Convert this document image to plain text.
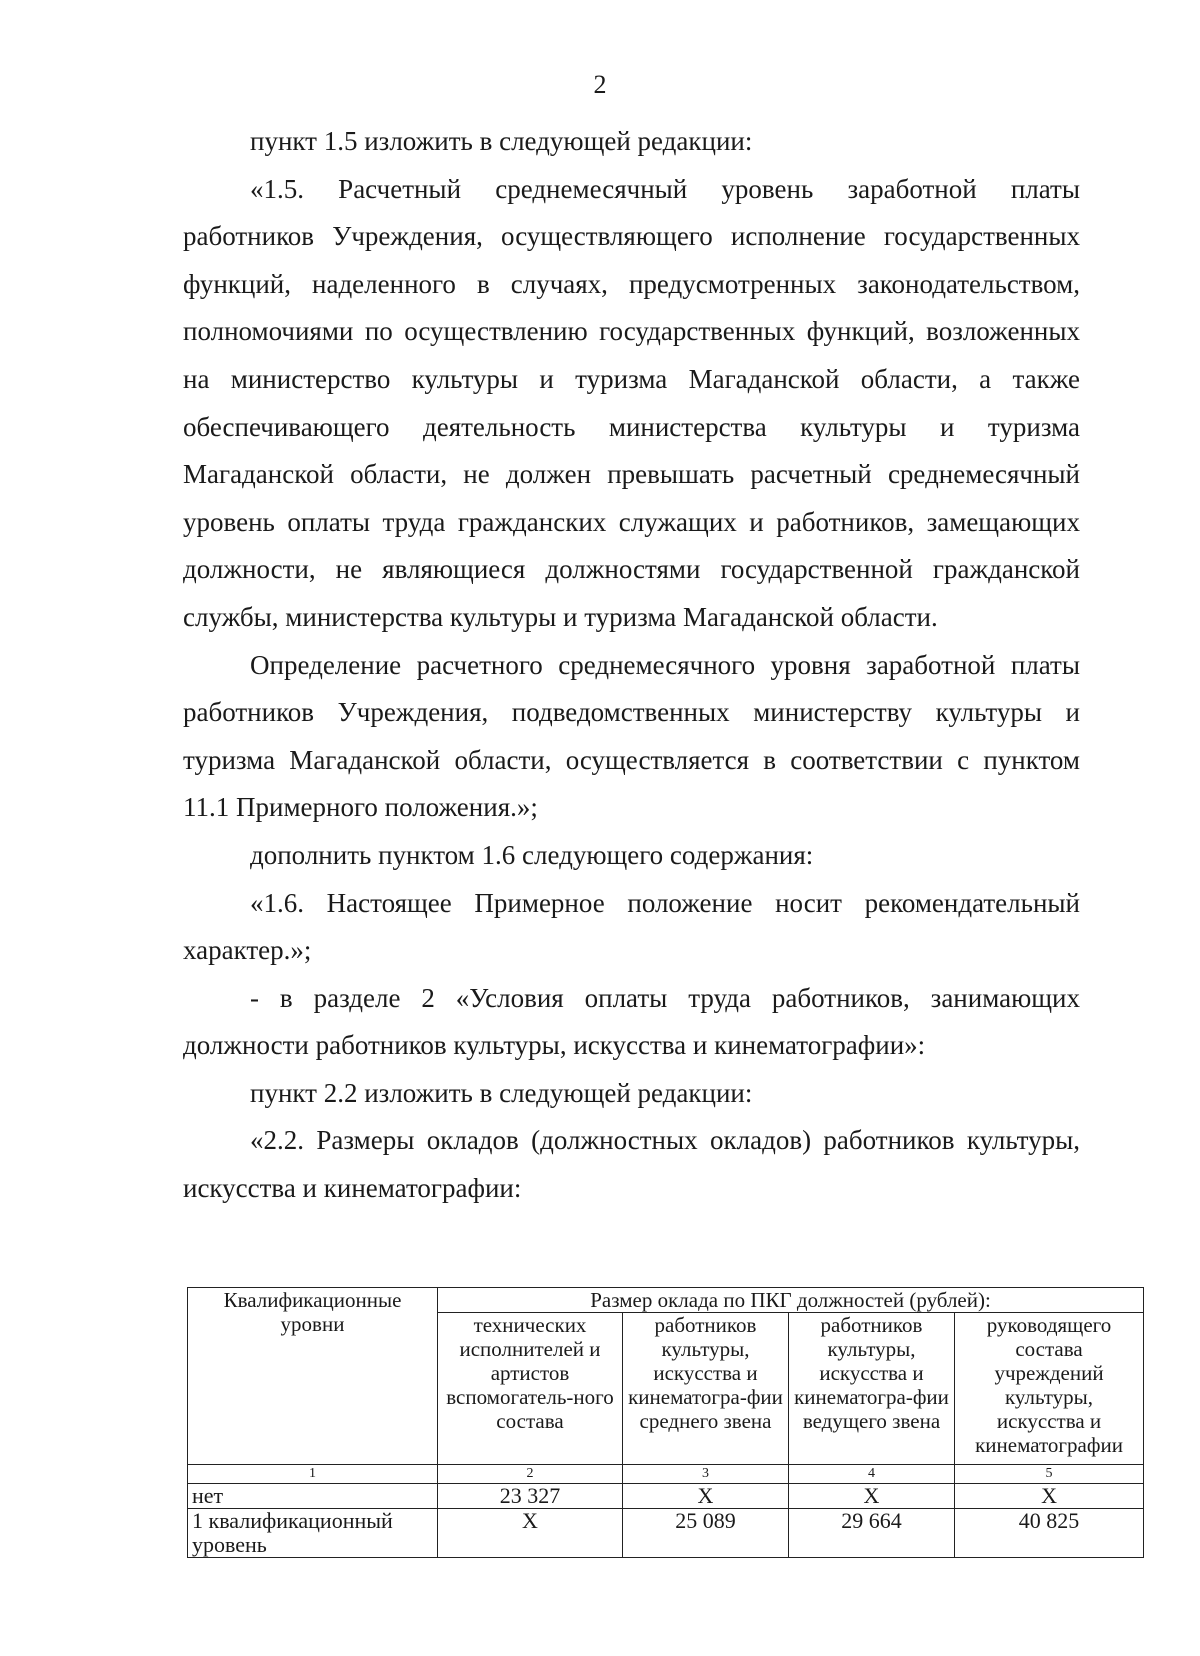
2

пункт 1.5 изложить в следующей редакции:

«1.5. Расчетный среднемесячный уровень заработной платы работников Учреждения, осуществляющего исполнение государственных функций, наделенного в случаях, предусмотренных законодательством, полномочиями по осуществлению государственных функций, возложенных на министерство культуры и туризма Магаданской области, а также обеспечивающего деятельность министерства культуры и туризма Магаданской области, не должен превышать расчетный среднемесячный уровень оплаты труда гражданских служащих и работников, замещающих должности, не являющиеся должностями государственной гражданской службы, министерства культуры и туризма Магаданской области.

Определение расчетного среднемесячного уровня заработной платы работников Учреждения, подведомственных министерству культуры и туризма Магаданской области, осуществляется в соответствии с пунктом 11.1 Примерного положения.»;

дополнить пунктом 1.6 следующего содержания:

«1.6. Настоящее Примерное положение носит рекомендательный характер.»;

- в разделе 2 «Условия оплаты труда работников, занимающих должности работников культуры, искусства и кинематографии»:

пункт 2.2 изложить в следующей редакции:

«2.2. Размеры окладов (должностных окладов) работников культуры, искусства и кинематографии:

Квалификационные уровни	Размер оклада по ПКГ должностей (рублей):			
	технических исполнителей и артистов вспомогатель-ного состава	работников культуры, искусства и кинематогра-фии среднего звена	работников культуры, искусства и кинематогра-фии ведущего звена	руководящего состава учреждений культуры, искусства и кинематографии
1	2	3	4	5
нет	23 327	Х	Х	Х
1 квалификационный уровень	Х	25 089	29 664	40 825
